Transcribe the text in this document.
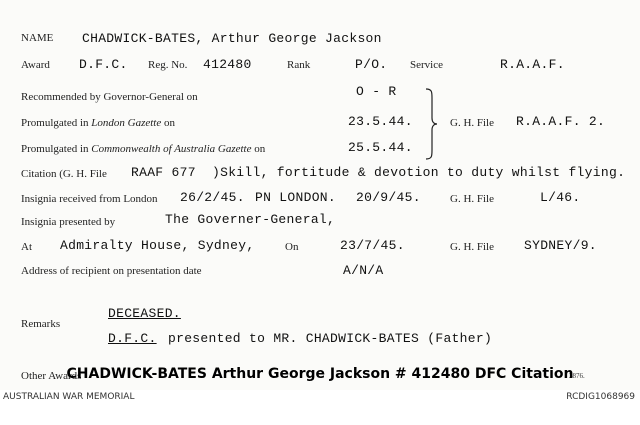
NAME CHADWICK-BATES, Arthur George Jackson
Award D.F.C. Reg. No. 412480	Rank	P/O. Service	R.A.A.F.
Recommended by Governor-General on	O - R
Promulgated in London Gazette on	23.5.44.	G. H. File R.A.A.F. 2.
Promulgated in Commonwealth of Australia Gazette on	25.5.44.
Citation (G. H. File RAAF 677 )Skill, fortitude & devotion to duty whilst flying.
Insignia received from London 26/2/45. PN LONDON. 20/9/45.	G. H. File	L/46.
Insignia presented by	The Governer-General,
At Admiralty House, Sydney,	On	23/7/45.	G. H. File SYDNEY/9.
Address of recipient on presentation date	A/N/A
Remarks
DECEASED.
D.F.C. presented to MR. CHADWICK-BATES (Father)
Other Awards	2876.
CHADWICK-BATES Arthur George Jackson # 412480 DFC Citation
AUSTRALIAN WAR MEMORIAL	RCDIG1068969
